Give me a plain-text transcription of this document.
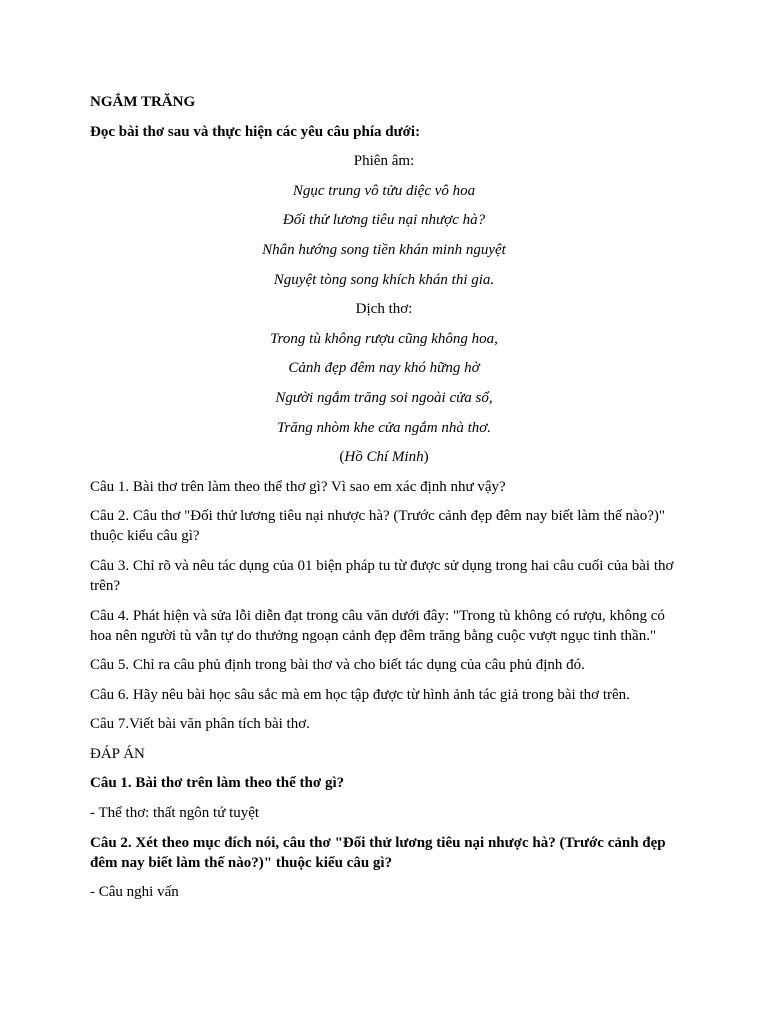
NGẮM TRĂNG

Đọc bài thơ sau và thực hiện các yêu câu phía dưới:

Phiên âm:

Ngục trung vô tửu diệc vô hoa

Đối thử lương tiêu nại nhược hà?

Nhân hướng song tiền khán minh nguyệt

Nguyệt tòng song khích khán thi gia.

Dịch thơ:

Trong tù không rượu cũng không hoa,

Cảnh đẹp đêm nay khó hững hờ

Người ngắm trăng soi ngoài cửa sổ,

Trăng nhòm khe cửa ngắm nhà thơ.

(Hồ Chí Minh)

Câu 1. Bài thơ trên làm theo thể thơ gì? Vì sao em xác định như vậy?

Câu 2. Câu thơ "Đối thử lương tiêu nại nhược hà? (Trước cảnh đẹp đêm nay biết làm thế nào?)" thuộc kiểu câu gì?

Câu 3. Chỉ rõ và nêu tác dụng của 01 biện pháp tu từ được sử dụng trong hai câu cuối của bài thơ trên?

Câu 4. Phát hiện và sửa lỗi diễn đạt trong câu văn dưới đây: "Trong tù không có rượu, không có hoa nên người tù vẫn tự do thưởng ngoạn cảnh đẹp đêm trăng bằng cuộc vượt ngục tinh thần."

Câu 5. Chỉ ra câu phủ định trong bài thơ và cho biết tác dụng của câu phủ định đó.

Câu 6. Hãy nêu bài học sâu sắc mà em học tập được từ hình ảnh tác giả trong bài thơ trên.

Câu 7.Viết bài văn phân tích bài thơ.

ĐÁP ÁN

Câu 1. Bài thơ trên làm theo thể thơ gì?

- Thể thơ: thất ngôn tứ tuyệt

Câu 2. Xét theo mục đích nói, câu thơ "Đối thử lương tiêu nại nhược hà? (Trước cảnh đẹp đêm nay biết làm thế nào?)" thuộc kiểu câu gì?

- Câu nghi vấn
